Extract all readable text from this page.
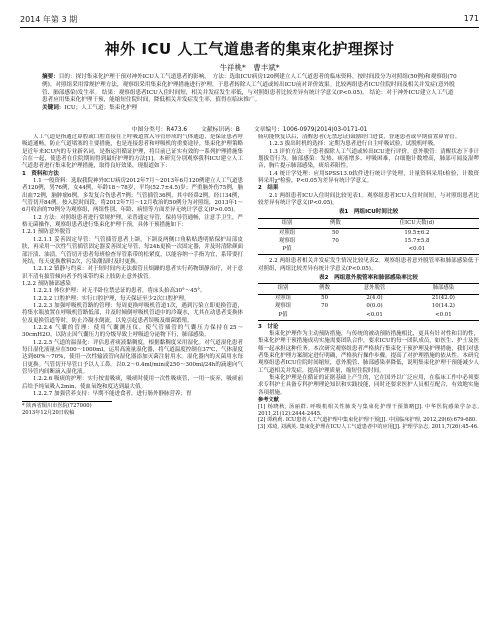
2014 年第 3 期	171
神外 ICU 人工气道患者的集束化护理探讨
牛祥桃*　曹丰斌*
摘要：目的：探讨集束化护理干预对神外ICU人工气道患者的影响。　方法：选取ICU病房120例建立人工气道患者的临床资料，按时间段分为对照组(50例)和观察组(70例)。对照组采用常规护理方法，观察组采用集束化护理措施进行护理，于患者转除人工气道或转出ICU前对评价效果。比较两组患者ICU住院时间及相关并发症(意外脱管、肺部感染)发生率。 结果：观察组患者ICU入住时间短，相关并发症发生率低，与对照组患者比较差异有统计学意义(P<0.05)。 结论：对于神外ICU建立人工气道患者应用集束化护理干预，能缩短住院时间，降低相关并发症发生率，值得在临床推广。
关键词：ICU；人工气道；集束化护理
中图分类号：R473.6 文献标识码：B 文章编号：1006-0979(2014)03-0171-01

人工气道是指通过鼻腔或口腔直接在上呼吸道置入导管形成的气体通道，是保证患者呼吸道通畅，防止气道堵塞的主要措施，也是连接患者和呼吸机的重要途径。集束化护理策略是近年来ICU内的专业新名词，是指运用循证护理，将目前已证实有效的一系列护理措施集合在一起，使患者在住院期间得到最好护理的方法[1]。本研究分别观察我科ICU建立人工气道患者进行集束化护理措施，取得良好效果，现报道如下：

1　资料和方法

1.1 一般资料：选取我院神外ICU病房2012年7月～2013年6月120例建立人工气道患者120例，男76例，女44例，年龄18～78岁，平均(52.7±4.5)岁；严重脑外伤75例，脑出血72例，脑肿瘤6例，多发复合伤患者7例；气管插管36例，其中经鼻2例，经口34例，气管切开84例。按入院时间段，将2012年7月～12月收治的50例分为对照组，2013年1～6月收治的70例分为观察组，两组性别、年龄、病情等方面差异无统计学意义(P>0.05)。

1.2 方法：对照组患者进行常规护理，采普通定导管，保持导管通畅，注意手卫生，严格无菌操作，观察组患者进行集束化护理干预，具体干预措施如下：

1.2.1 预防意外脱管

1.2.1.1 妥善固定导管：气管插管患者上颌，下颌及两侧口角粘贴透明贴保护局部皮肤，再采用一次性气管插管固定器妥善固定导管，每24h更换一次固定器，并及时清除颜面部汗渍、油渍。气管切开患者每班检查导管系带的松紧度，以能容纳一手指为宜，系带要打死结，每天更换敷料2次，污染潮湿时及时更换。

1.2.1.2 镇静与约束：对于短时间内无法拔管且烦躁的患者实行药物镇静治疗，对于意识不清有拔管倾向者予约束带约束上肢防止意外拔管。

1.2.2 预防肺部感染

1.2.2.1 体位护理：对无半卧位禁忌证的患者，将床头抬高30°～45°。

1.2.2.2 口腔护理：实行口腔护理，每天保证至少2次口腔护理。

1.2.2.3 加强呼吸机管路的管理：每周更换呼吸机管道1次，遇到污染立即更换管道，将集水瓶放置在呼吸机管路低部，并及时倾倒呼吸机管道中的冷凝水，尤其在动患者变换体位及更换管道等时，防止冷凝水倒流，以免引起患者误吸及细菌繁殖。

1.2.2.4 气囊的管理：使用气囊测压仪，使气管插管的气囊压力保持在25～30cmH2O，以防止因气囊压力的分级导致上呼吸道分泌物下行，肺部感染。

1.2.2.5 气道的温湿化：评估患者痰液黏稠度，根据黏稠度采用湿化。对气道湿化患者每日湿化液量应在500～1000ml，运用高流量湿化器，将气道温度控制在37℃，气体湿度达到60%～70%，使用一次性输液管向湿化器添加灭菌注射用水。湿化器内的灭菌用水每日更换。气管切开导管口予以人工鼻。以0.2～0.4ml/min或250～300ml/24h的滴速向气管导管内间断滴入湿化液。

1.2.2.6 吸痰的护理：实行按需吸痰，吸痰时使用一次性吸痰管，一用一废弃，吸痰前后给予纯氧吸入2min，使血氧饱和度达到最大值。

1.2.2.7 加强营养支持：早期不能进食者，进行肠外静脉营养；胃

* 陕西省铜川市医院(727000)
2013年12月20日收稿

肠功能恢复以后，清醒患者(无禁忌证)鼓励经口进食，昏迷患者或早期留置鼻胃管。

1.2.3 拔出时机的选择：定期为患者进行自主呼吸试验，试脱机呼吸。

1.3 评价方法：于患者拔除人工气道或转出ICU进行评价。意外脱管：清醒状态下非计划拔管行为。肺部感染：发热、痰液增多、呼吸困难，白细胞计数增高，肺部可闻及湿啰音，胸片提示肺部感染，痰培养阳性。

1.4 统计学处理：应用SPSS13.0软件进行统计学处理，计量资料采用t检验，计数资料采用χ²检验，P<0.05为差异有统计学意义。

2　结果

2.1 两组患者ICU入住时间比较见表1。观察组患者ICU入住时间短，与对照组患者比较差异有统计学意义(P<0.05)。

表1　两组ICU时间比较
组别	例数	住ICU天数(d)
对照组	50	19.5±6.2
观察组	70	15.7±5.8
P值		<0.01

2.2 两组患者相关并发症发生情况比较见表2。观察组患者意外脱管率和肺部感染低于对照组，两组比较差异有统计学意义(P<0.05)。

表2　两组意外脱管率和肺部感染率比较
组别	例数	意外脱管	肺部感染
对照组	50	2(4.0)	21(42.0)
观察组	70	0(0.0)	10(14.2)
P值		<0.01	<0.01

3　讨论

集束化护理作为主动预防措施，与传统的被动预防措施相比，更具有针对性和目的性，集束化护理干预措施成功实施需要团队合作，要求ICU的每一团队成员，如医生、护士及医师一起承担这种任务。本次研究观察组患者严格执行集束化干预护理及护理措施，我们对患者集束化护理方案制定进行明确，严格执行操作步骤，提高了对护理措施的依从性。本研究观察组患者ICU住院时间缩短，意外脱管、肺部感染率降低，说明集束化护理干预能减少人工气道相关并发症，提高护理质量，缩短住院时间。

集束化护理是在循证的证据基础上产生的，它在国外以广泛应用，在临床工作中必须要求专科护士具备专科护理理论知识和实践技能，同时还要求医护人员相互配合，有效地实施各项措施。

参考文献

[1] 杨晓秋, 汤丽群. 呼吸机相关性肺炎与集束化护理干预策略[J]. 中华医院感染学杂志, 2011,21(12):2444-2445.

[2] 谭莉莉. ICU患者人工气道护理中集束化护理干预[J]. 中国临床护理, 2012,29(6):679-680.

[3] 邓琦, 刘满英. 集束化护理在ICU人工气道患者中的应用[J]. 护理学杂志, 2011,7(26):45-46.
